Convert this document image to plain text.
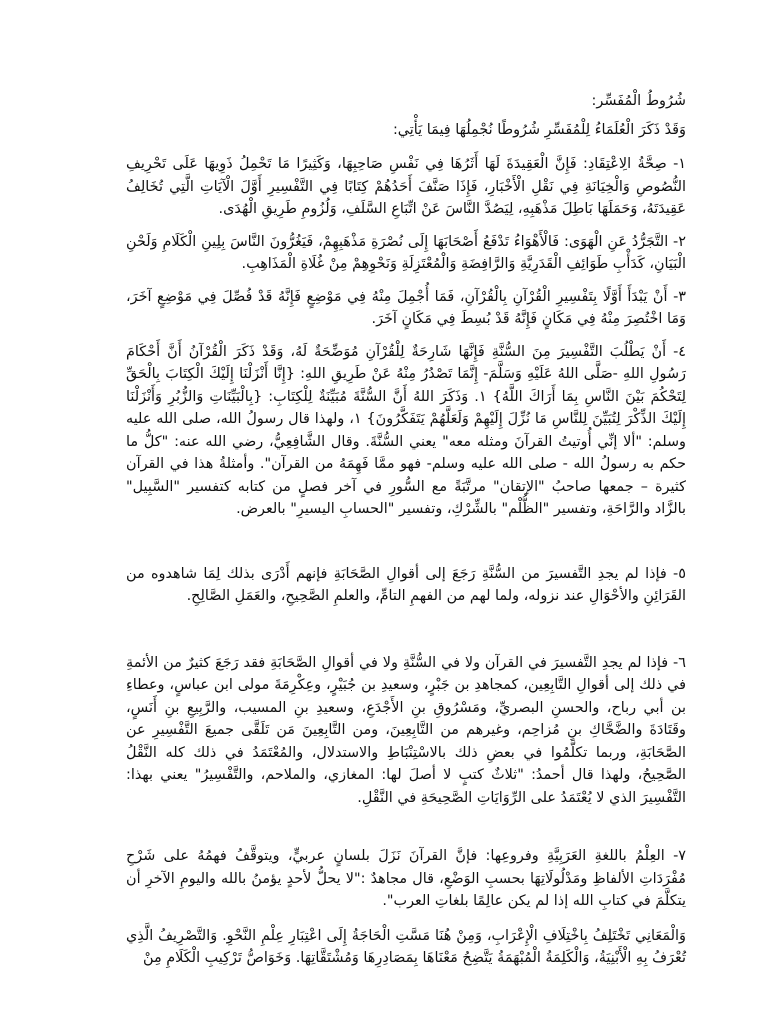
شُرُوطُ الْمُفَسِّر:

وَقَدْ ذَكَرَ الْعُلَمَاءُ لِلْمُفَسِّرِ شُرُوطًا نُجْمِلُهَا فِيمَا يَأْتِي:

١- صِحَّةُ الِاعْتِقَادِ: فَإِنَّ الْعَقِيدَةَ لَهَا أَثَرُهَا فِي نَفْسِ صَاحِبِهَا، وَكَثِيرًا مَا تَحْمِلُ ذَوِيهَا عَلَى تَحْرِيفِ النُّصُوصِ وَالْخِيَانَةِ فِي نَقْلِ الْأَخْبَارِ، فَإِذَا صَنَّفَ أَحَدُهُمْ كِتَابًا فِي التَّفْسِيرِ أَوَّلَ الْآيَاتِ الَّتِي تُخَالِفُ عَقِيدَتَهُ، وَحَمَلَهَا بَاطِلَ مَذْهَبِهِ، لِيَصُدَّ النَّاسَ عَنْ اتِّبَاعِ السَّلَفِ، وَلُزُومِ طَرِيقِ الْهُدَى.

٢- التَّجَرُّدُ عَنِ الْهَوَى: فَالْأَهْوَاءُ تَدْفَعُ أَصْحَابَهَا إِلَى نُصْرَةِ مَذْهَبِهِمْ، فَيَغُرُّونَ النَّاسَ بِلِينِ الْكَلَامِ وَلَحْنِ الْبَيَانِ، كَدَأْبِ طَوَائِفِ الْقَدَرِيَّةِ وَالرَّافِضَةِ وَالْمُعْتَزِلَةِ وَنَحْوِهِمْ مِنْ غُلَاةِ الْمَذَاهِبِ.

٣- أَنْ يَبْدَأَ أَوَّلًا بِتَفْسِيرِ الْقُرْآنِ بِالْقُرْآنِ، فَمَا أُجْمِلَ مِنْهُ فِي مَوْضِعٍ فَإِنَّهُ قَدْ فُصِّلَ فِي مَوْضِعٍ آخَرَ، وَمَا اخْتُصِرَ مِنْهُ فِي مَكَانٍ فَإِنَّهُ قَدْ بُسِطَ فِي مَكَانٍ آخَرَ.

٤- أَنْ يَطْلُبَ التَّفْسِيرَ مِنَ السُّنَّةِ فَإِنَّهَا شَارِحَةٌ لِلْقُرْآنِ مُوَضِّحَةٌ لَهُ، وَقَدْ ذَكَرَ الْقُرْآنُ أَنَّ أَحْكَامَ رَسُولِ اللهِ -صَلَّى اللهُ عَلَيْهِ وَسَلَّمَ- إِنَّمَا تَصْدُرُ مِنْهُ عَنْ طَرِيقِ اللهِ: {إِنَّا أَنْزَلْنَا إِلَيْكَ الْكِتَابَ بِالْحَقِّ لِتَحْكُمَ بَيْنَ النَّاسِ بِمَا أَرَاكَ اللَّهُ} ١. وَذَكَرَ اللهُ أَنَّ السُّنَّةَ مُبَيِّنَةٌ لِلْكِتَابِ: {بِالْبَيِّنَاتِ وَالزُّبُرِ وَأَنْزَلْنَا إِلَيْكَ الذِّكْرَ لِتُبَيِّنَ لِلنَّاسِ مَا نُزِّلَ إِلَيْهِمْ وَلَعَلَّهُمْ يَتَفَكَّرُونَ} ١، ولهذا قال رسولُ الله، صلى الله عليه وسلم: "ألا إنِّي أُوتيتُ القرآنَ ومثله معه" يعني السُّنَّةَ. وقال الشَّافِعِيُّ، رضي الله عنه: "كلُّ ما حكم به رسولُ الله - صلى الله عليه وسلم- فهو ممَّا فَهِمَهُ من القرآن". وأمثلةُ هذا في القرآن كثيرة – جمعها صاحبُ "الإتقان" مرتَّبَةً مع السُّورِ في آخر فصلٍ من كتابه كتفسير "السَّبِيل" بالزَّاد والرَّاحَةِ، وتفسير "الظُّلْم" بالشِّرْكِ، وتفسير "الحسابِ اليسيرِ" بالعرض.

٥- فإذا لم يجدِ التَّفسيرَ من السُّنَّةِ رَجَعَ إلى أقوالِ الصَّحَابَةِ فإنهم أَدْرَى بذلك لِمَا شاهدوه من القَرَائِنِ والأحْوَالِ عند نزوله، ولما لهم من الفهمِ التامِّ، والعلمِ الصَّحِيحِ، والعَمَلِ الصَّالِحِ.

٦- فإذا لم يجدِ التَّفسيرَ في القرآن ولا في السُّنَّةِ ولا في أقوالِ الصَّحَابَةِ فقد رَجَعَ كثيرٌ من الأئمةِ في ذلك إلى أقوالِ التَّابِعِين، كمجاهدِ بن جَبْرٍ، وسعيدِ بن جُبَيْرٍ، وعِكْرِمَةَ مولى ابن عباسٍ، وعطاءِ بن أبي رباح، والحسنِ البصريِّ، ومَسْرُوقِ بنِ الأَجْدَعِ، وسعيدِ بنِ المسيب، والرَّبِيعِ بنِ أَنَسٍ، وقَتَادَةَ والضَّحَّاكِ بنِ مُزاحِم، وغيرهم من التَّابِعِينَ، ومن التَّابِعِينَ مَن تَلَقَّى جميعَ التَّفْسِيرِ عن الصَّحَابَةِ، وربما تكلَّمُوا في بعضِ ذلك بالاسْتِنْبَاطِ والاستدلال، والمُعْتَمَدُ في ذلك كله النَّقْلُ الصَّحِيحُ، ولهذا قال أحمدُ: "ثلاثٌ كتبٍ لا أصلَ لها: المغازي، والملاحم، والتَّفْسِيرُ" يعني بهذا: التَّفْسِيرَ الذي لا يُعْتَمَدُ على الرِّوَايَاتِ الصَّحِيحَةِ في النَّقْلِ.

٧- العِلْمُ باللغةِ العَرَبِيَّةِ وفروعِها: فإنَّ القرآنَ نَزَلَ بلسانٍ عربيٍّ، ويتوقَّفُ فهمُهُ على شَرْحِ مُفْرَدَاتِ الألفاظِ ومَدْلُولَاتِهَا بحسبِ الوَضْعِ، قال مجاهدٌ :"لا يحلُّ لأحدٍ يؤمنُ بالله واليومِ الآخرِ أن يتكلَّمَ في كتابِ الله إذا لم يكن عالِمًا بلغاتِ العرب".

وَالْمَعَانِي تَخْتَلِفُ بِاخْتِلَافِ الْإِعْرَابِ، وَمِنْ هُنَا مَسَّتِ الْحَاجَةُ إِلَى اعْتِبَارِ عِلْمِ النَّحْوِ. وَالتَّصْرِيفُ الَّذِي تُعْرَفُ بِهِ الْأَبْنِيَةُ، وَالْكَلِمَةُ الْمُبْهَمَةُ يَتَّضِحُ مَعْنَاهَا بِمَصَادِرِهَا وَمُشْتَقَّاتِهَا. وَخَوَاصُّ تَرْكِيبِ الْكَلَامِ مِنْ
